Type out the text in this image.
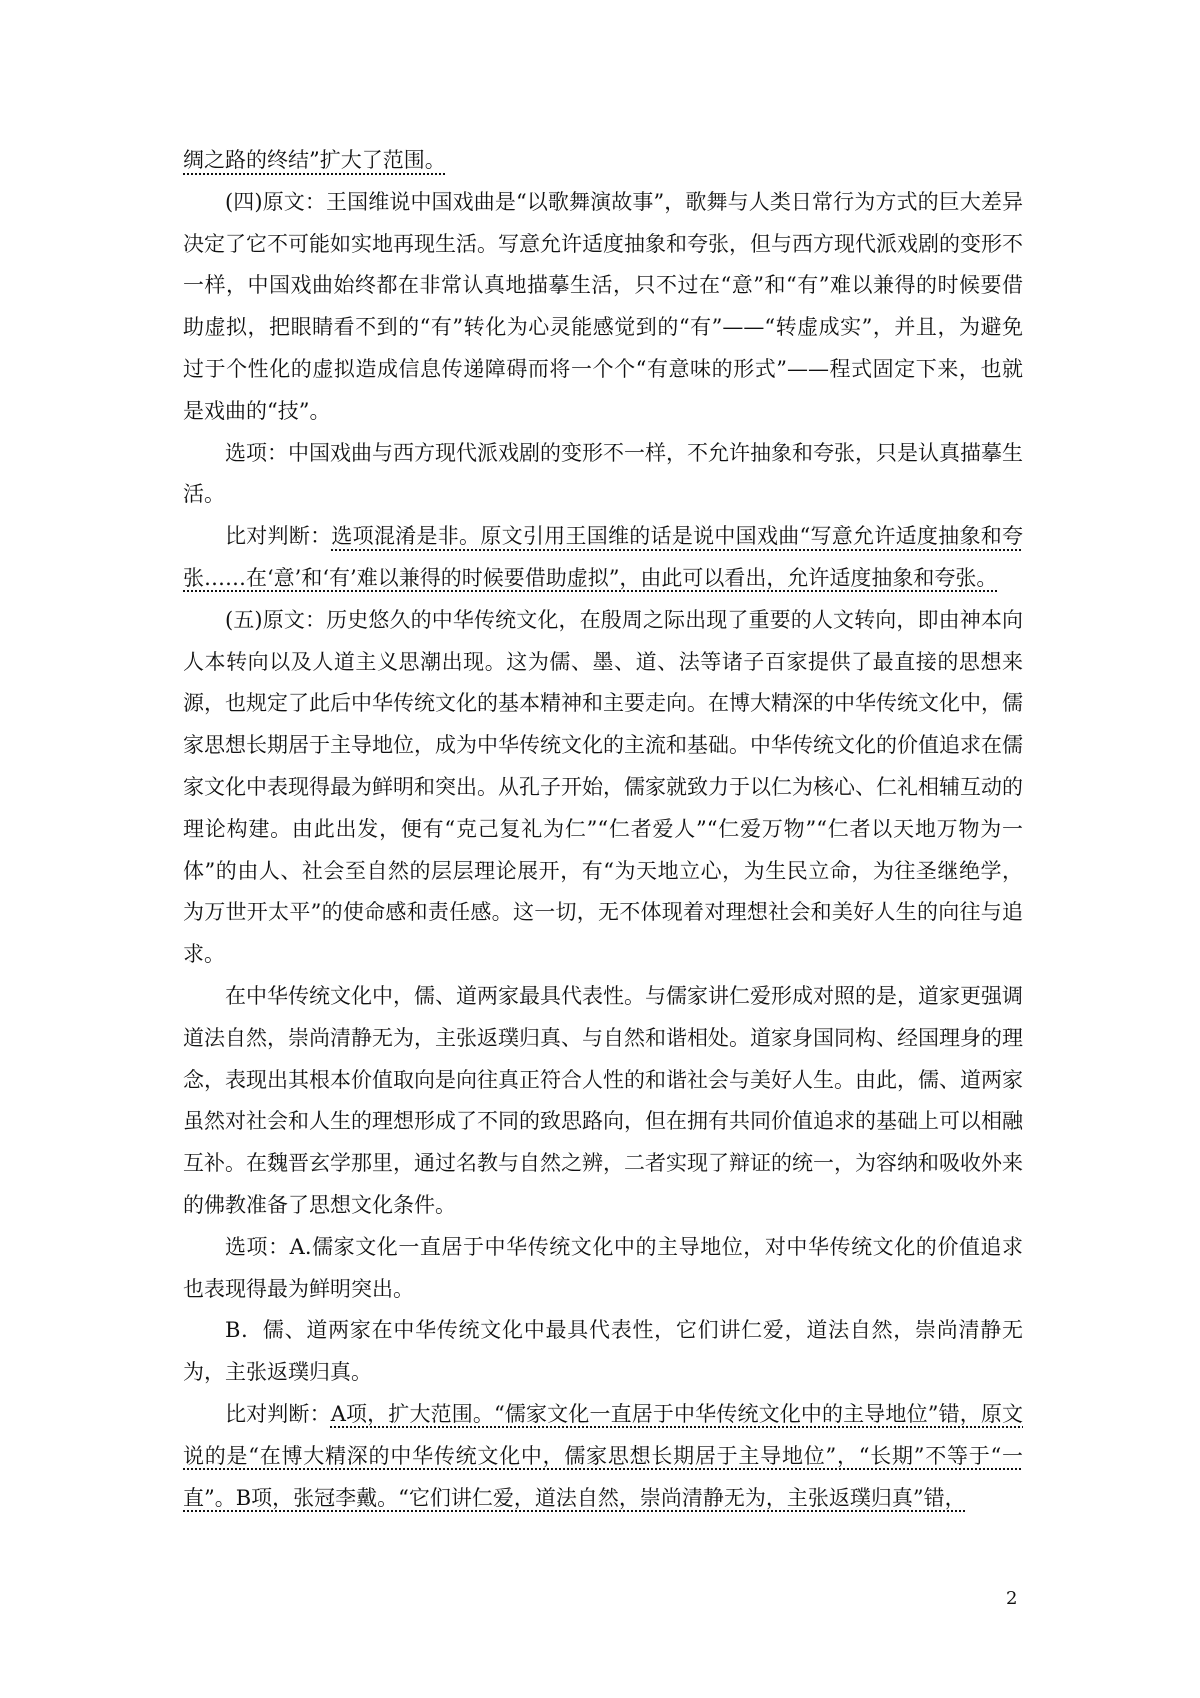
绸之路的终结”扩大了范围。

(四)原文：王国维说中国戏曲是“以歌舞演故事”，歌舞与人类日常行为方式的巨大差异决定了它不可能如实地再现生活。写意允许适度抽象和夸张，但与西方现代派戏剧的变形不一样，中国戏曲始终都在非常认真地描摹生活，只不过在“意”和“有”难以兼得的时候要借助虚拟，把眼睛看不到的“有”转化为心灵能感觉到的“有”——“转虚成实”，并且，为避免过于个性化的虚拟造成信息传递障碍而将一个个“有意味的形式”——程式固定下来，也就是戏曲的“技”。

选项：中国戏曲与西方现代派戏剧的变形不一样，不允许抽象和夸张，只是认真描摹生活。

比对判断：选项混淆是非。原文引用王国维的话是说中国戏曲“写意允许适度抽象和夸张……在‘意’和‘有’难以兼得的时候要借助虚拟”，由此可以看出，允许适度抽象和夸张。

(五)原文：历史悠久的中华传统文化，在殷周之际出现了重要的人文转向，即由神本向人本转向以及人道主义思潮出现。这为儒、墨、道、法等诸子百家提供了最直接的思想来源，也规定了此后中华传统文化的基本精神和主要走向。在博大精深的中华传统文化中，儒家思想长期居于主导地位，成为中华传统文化的主流和基础。中华传统文化的价值追求在儒家文化中表现得最为鲜明和突出。从孔子开始，儒家就致力于以仁为核心、仁礼相辅互动的理论构建。由此出发，便有“克己复礼为仁”“仁者爱人”“仁爱万物”“仁者以天地万物为一体”的由人、社会至自然的层层理论展开，有“为天地立心，为生民立命，为往圣继绝学，为万世开太平”的使命感和责任感。这一切，无不体现着对理想社会和美好人生的向往与追求。

在中华传统文化中，儒、道两家最具代表性。与儒家讲仁爱形成对照的是，道家更强调道法自然，崇尚清静无为，主张返璞归真、与自然和谐相处。道家身国同构、经国理身的理念，表现出其根本价值取向是向往真正符合人性的和谐社会与美好人生。由此，儒、道两家虽然对社会和人生的理想形成了不同的致思路向，但在拥有共同价值追求的基础上可以相融互补。在魏晋玄学那里，通过名教与自然之辨，二者实现了辩证的统一，为容纳和吸收外来的佛教准备了思想文化条件。

选项：A.儒家文化一直居于中华传统文化中的主导地位，对中华传统文化的价值追求也表现得最为鲜明突出。

B．儒、道两家在中华传统文化中最具代表性，它们讲仁爱，道法自然，崇尚清静无为，主张返璞归真。

比对判断：A项，扩大范围。“儒家文化一直居于中华传统文化中的主导地位”错，原文说的是“在博大精深的中华传统文化中，儒家思想长期居于主导地位”，“长期”不等于“一直”。B项，张冠李戴。“它们讲仁爱，道法自然，崇尚清静无为，主张返璞归真”错，

2
